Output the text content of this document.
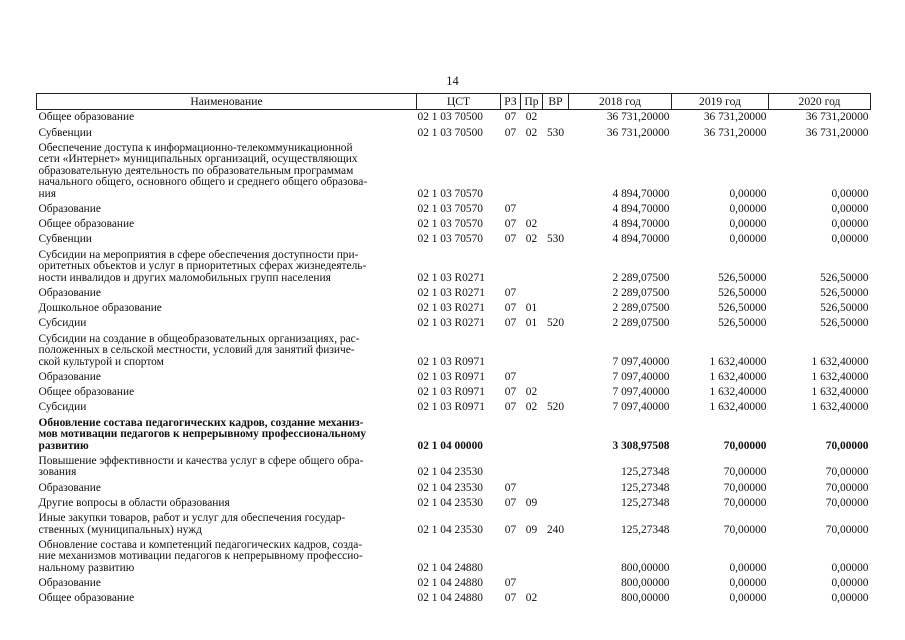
14
Наименование	ЦСТ	РЗ	Пр	ВР	2018 год	2019 год	2020 год
Общее образование	02 1 03 70500	07	02		36 731,20000	36 731,20000	36 731,20000
Субвенции	02 1 03 70500	07	02	530	36 731,20000	36 731,20000	36 731,20000
Обеспечение доступа к информационно-телекоммуникационной
сети «Интернет» муниципальных организаций, осуществляющих
образовательную деятельность по образовательным программам
начального общего, основного общего и среднего общего образова-
ния	02 1 03 70570				4 894,70000	0,00000	0,00000
Образование	02 1 03 70570	07			4 894,70000	0,00000	0,00000
Общее образование	02 1 03 70570	07	02		4 894,70000	0,00000	0,00000
Субвенции	02 1 03 70570	07	02	530	4 894,70000	0,00000	0,00000
Субсидии на мероприятия в сфере обеспечения доступности при-
оритетных объектов и услуг в приоритетных сферах жизнедеятель-
ности инвалидов и других маломобильных групп населения	02 1 03 R0271				2 289,07500	526,50000	526,50000
Образование	02 1 03 R0271	07			2 289,07500	526,50000	526,50000
Дошкольное образование	02 1 03 R0271	07	01		2 289,07500	526,50000	526,50000
Субсидии	02 1 03 R0271	07	01	520	2 289,07500	526,50000	526,50000
Субсидии на создание в общеобразовательных организациях, рас-
положенных в сельской местности, условий для занятий физиче-
ской культурой и спортом	02 1 03 R0971				7 097,40000	1 632,40000	1 632,40000
Образование	02 1 03 R0971	07			7 097,40000	1 632,40000	1 632,40000
Общее образование	02 1 03 R0971	07	02		7 097,40000	1 632,40000	1 632,40000
Субсидии	02 1 03 R0971	07	02	520	7 097,40000	1 632,40000	1 632,40000
Обновление состава педагогических кадров, создание механиз-
мов мотивации педагогов к непрерывному профессиональному
развитию	02 1 04 00000				3 308,97508	70,00000	70,00000
Повышение эффективности и качества услуг в сфере общего обра-
зования	02 1 04 23530				125,27348	70,00000	70,00000
Образование	02 1 04 23530	07			125,27348	70,00000	70,00000
Другие вопросы в области образования	02 1 04 23530	07	09		125,27348	70,00000	70,00000
Иные закупки товаров, работ и услуг для обеспечения государ-
ственных (муниципальных) нужд	02 1 04 23530	07	09	240	125,27348	70,00000	70,00000
Обновление состава и компетенций педагогических кадров, созда-
ние механизмов мотивации педагогов к непрерывному профессио-
нальному развитию	02 1 04 24880				800,00000	0,00000	0,00000
Образование	02 1 04 24880	07			800,00000	0,00000	0,00000
Общее образование	02 1 04 24880	07	02		800,00000	0,00000	0,00000
